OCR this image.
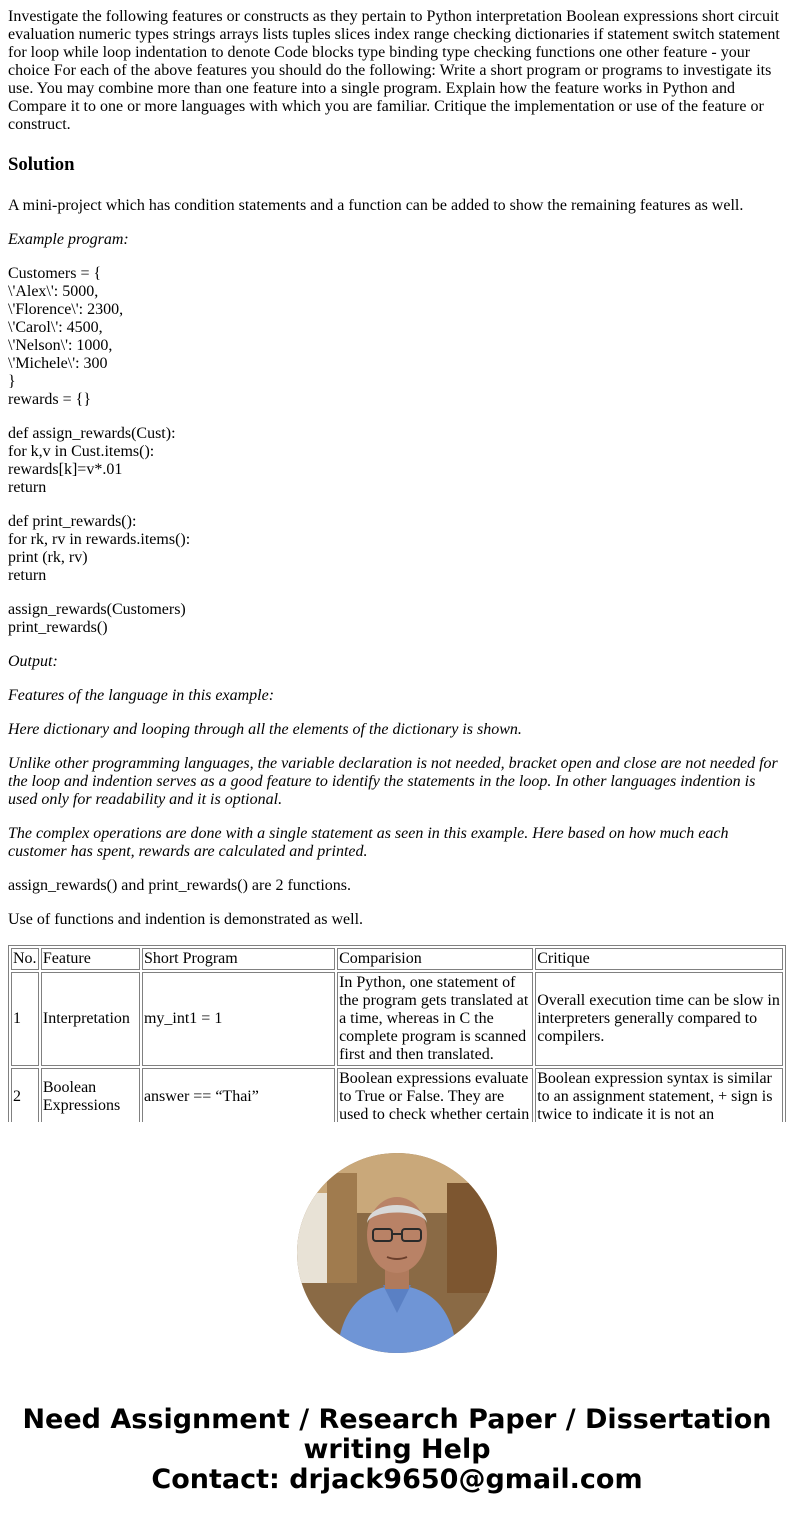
Investigate the following features or constructs as they pertain to Python interpretation Boolean expressions short circuit evaluation numeric types strings arrays lists tuples slices index range checking dictionaries if statement switch statement for loop while loop indentation to denote Code blocks type binding type checking functions one other feature - your choice For each of the above features you should do the following: Write a short program or programs to investigate its use. You may combine more than one feature into a single program. Explain how the feature works in Python and Compare it to one or more languages with which you are familiar. Critique the implementation or use of the feature or construct.

Solution

A mini-project which has condition statements and a function can be added to show the remaining features as well.

Example program:

Customers = {
\'Alex\': 5000,
\'Florence\': 2300,
\'Carol\': 4500,
\'Nelson\': 1000,
\'Michele\': 300
}
rewards = {}

def assign_rewards(Cust):
for k,v in Cust.items():
rewards[k]=v*.01
return

def print_rewards():
for rk, rv in rewards.items():
print (rk, rv)
return

assign_rewards(Customers)
print_rewards()

Output:

Features of the language in this example:

Here dictionary and looping through all the elements of the dictionary is shown.

Unlike other programming languages, the variable declaration is not needed, bracket open and close are not needed for the loop and indention serves as a good feature to identify the statements in the loop. In other languages indention is used only for readability and it is optional.

The complex operations are done with a single statement as seen in this example. Here based on how much each customer has spent, rewards are calculated and printed.

assign_rewards() and print_rewards() are 2 functions.

Use of functions and indention is demonstrated as well.

No.	Feature	Short Program	Comparision	Critique
1	Interpretation	my_int1 = 1	In Python, one statement of the program gets translated at a time, whereas in C the complete program is scanned first and then translated.	Overall execution time can be slow in interpreters generally compared to compilers.
2	Boolean Expressions	answer == “Thai”	Boolean expressions evaluate to True or False. They are used to check whether certain	Boolean expression syntax is similar to an assignment statement, + sign is twice to indicate it is not an
Need Assignment / Research Paper / Dissertation
writing Help
Contact: drjack9650@gmail.com
